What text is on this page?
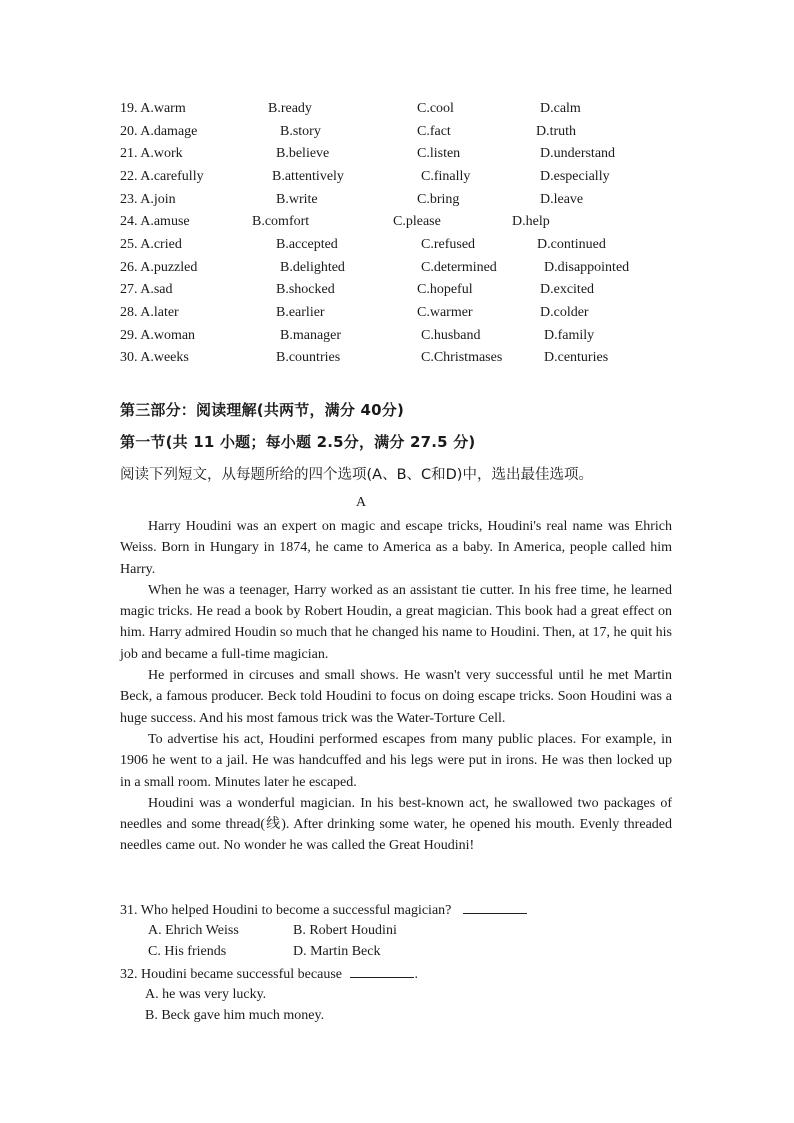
19. A.warm	B.ready	C.cool	D.calm
20. A.damage	B.story	C.fact	D.truth
21. A.work	B.believe	C.listen	D.understand
22. A.carefully	B.attentively	C.finally	D.especially
23. A.join	B.write	C.bring	D.leave
24. A.amuse	B.comfort	C.please	D.help
25. A.cried	B.accepted	C.refused	D.continued
26. A.puzzled	B.delighted	C.determined	D.disappointed
27. A.sad	B.shocked	C.hopeful	D.excited
28. A.later	B.earlier	C.warmer	D.colder
29. A.woman	B.manager	C.husband	D.family
30. A.weeks	B.countries	C.Christmases	D.centuries
第三部分：阅读理解(共两节，满分 40分)
第一节(共 11 小题；每小题 2.5分，满分 27.5 分)
阅读下列短文，从每题所给的四个选项(A、B、C和D)中，选出最佳选项。
A

Harry Houdini was an expert on magic and escape tricks, Houdini's real name was Ehrich Weiss. Born in Hungary in 1874, he came to America as a baby. In America, people called him Harry.

When he was a teenager, Harry worked as an assistant tie cutter. In his free time, he learned magic tricks. He read a book by Robert Houdin, a great magician. This book had a great effect on him. Harry admired Houdin so much that he changed his name to Houdini. Then, at 17, he quit his job and became a full-time magician.

He performed in circuses and small shows. He wasn't very successful until he met Martin Beck, a famous producer. Beck told Houdini to focus on doing escape tricks. Soon Houdini was a huge success. And his most famous trick was the Water-Torture Cell.

To advertise his act, Houdini performed escapes from many public places. For example, in 1906 he went to a jail. He was handcuffed and his legs were put in irons. He was then locked up in a small room. Minutes later he escaped.

Houdini was a wonderful magician. In his best-known act, he swallowed two packages of needles and some thread(线). After drinking some water, he opened his mouth. Evenly threaded needles came out. No wonder he was called the Great Houdini!

31. Who helped Houdini to become a successful magician?
A. Ehrich Weiss	B. Robert Houdini
C. His friends	D. Martin Beck
32. Houdini became successful because	.
A. he was very lucky.
B. Beck gave him much money.
